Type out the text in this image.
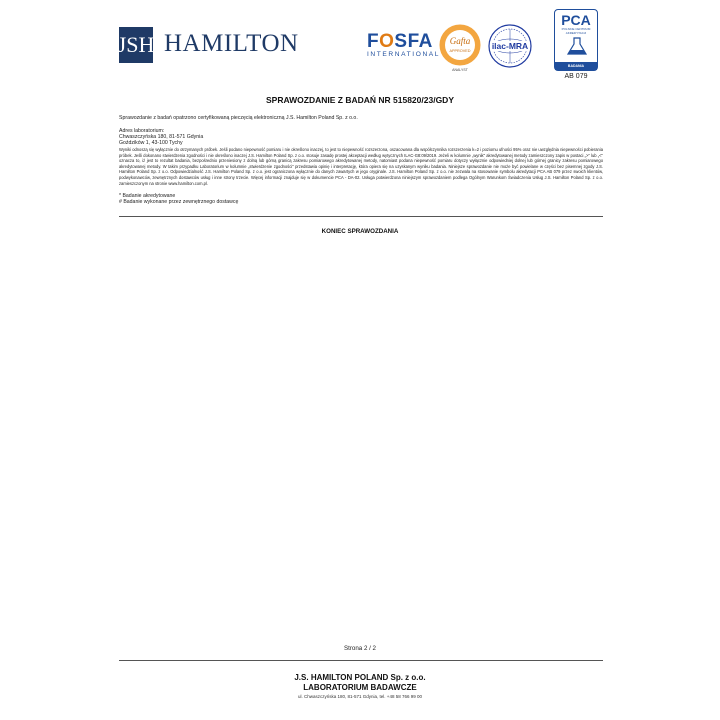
JSH HAMILTON	FOSFA
INTERNATIONAL
Gafta
APPROVED
ANALYST
ilac-MRA
PCA
POLSKIE CENTRUM
AKREDYTACJI
BADANIA
AB 079
SPRAWOZDANIE Z BADAŃ NR 515820/23/GDY
Sprawozdanie z badań opatrzono certyfikowaną pieczęcią elektroniczną J.S. Hamilton Poland Sp. z o.o.
Adres laboratorium:
Chwaszczyńska 180, 81-571 Gdynia
Goździków 1, 43-100 Tychy
Wyniki odnoszą się wyłącznie do otrzymanych próbek. Jeśli podano niepewność pomiaru i nie określono inaczej, to jest to niepewność rozszerzona, oszacowana dla współczynnika rozszerzenia k=2 i poziomu ufności 95% oraz nie uwzględnia niepewności pobierania próbek. Jeśli dokonano stwierdzenia zgodności i nie określono inaczej J.S. Hamilton Poland Sp. z o.o. stosuje zasadę prostej akceptacji według wytycznych ILAC-G8:09/2019. Jeżeli w kolumnie „wynik" akredytowanej metody zamieszczony zapis w postaci „>" lub „<" oznacza to, iż jest to rezultat badania, bezpośrednio przeniesiony z dolną lub górną granicą zakresu pomiarowego akredytowanej metody, natomiast podana niepewność pomiaru dotyczy wyłącznie odpowiedniej dolnej lub górnej granicy zakresu pomiarowego akredytowanej metody. W takim przypadku Laboratorium w kolumnie „stwierdzenie zgodności" przedstawia opinię i interpretację, która opiera się na uzyskanym wyniku badania. Niniejsze sprawozdanie nie może być powielane w części bez pisemnej zgody J.S. Hamilton Poland Sp. z o.o. Odpowiedzialność J.S. Hamilton Poland Sp. z o.o. jest ograniczona wyłącznie do danych zawartych w jego oryginale. J.S. Hamilton Poland Sp. z o.o. nie zezwala na stosowanie symbolu akredytacji PCA AB 079 przez swoich klientów, podwykonawców, zewnętrznych dostawców usług i inne strony trzecie. Więcej informacji znajduje się w dokumencie PCA - DA-02. Usługa potwierdzona niniejszym sprawozdaniem podlega Ogólnym Warunkom Świadczenia Usług J.S. Hamilton Poland Sp. z o.o. zamieszczonym na stronie www.hamilton.com.pl.
* Badanie akredytowane
# Badanie wykonane przez zewnętrznego dostawcę
KONIEC SPRAWOZDANIA
Strona 2 / 2
J.S. HAMILTON POLAND Sp. z o.o.
LABORATORIUM BADAWCZE
ul. Chwaszczyńska 180, 81-571 Gdynia, tel. +48 58 766 99 00
